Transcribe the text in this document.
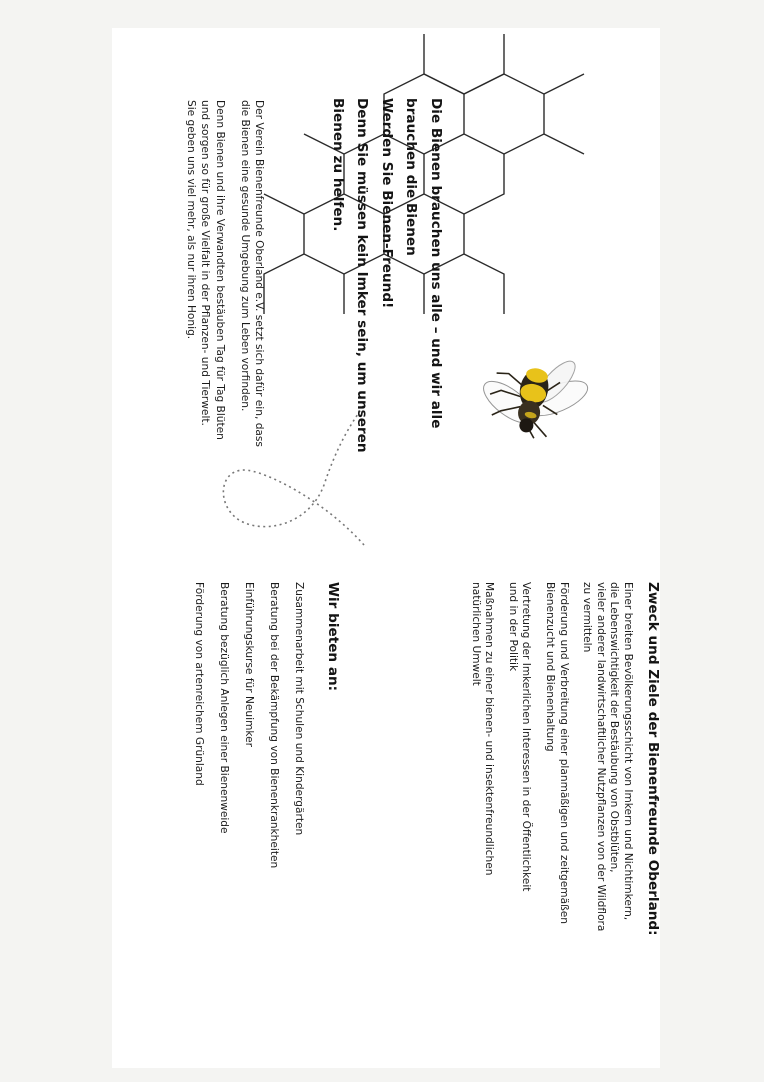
Die Bienen brauchen uns alle – und wir alle
brauchen die Bienen
Werden Sie Bienen-Freund!
Denn Sie müssen kein Imker sein, um unseren
Bienen zu helfen.

Der Verein Bienenfreunde Oberland e.V. setzt sich dafür ein, dass
die Bienen eine gesunde Umgebung zum Leben vorfinden.

Denn Bienen und ihre Verwandten bestäuben Tag für Tag Blüten
und sorgen so für große Vielfalt in der Pflanzen- und Tierwelt.
Sie geben uns viel mehr, als nur ihren Honig.

Zweck und Ziele der Bienenfreunde Oberland:

Einer breiten Bevölkerungsschicht von Imkern und Nichtimkern,
die Lebenswichtigkeit der Bestäubung von Obstblüten,
vieler anderer landwirtschaftlicher Nutzpflanzen von der Wildflora
zu vermitteln

Förderung und Verbreitung einer planmäßigen und zeitgemäßen
Bienenzucht und Bienenhaltung

Vertretung der Imkerlichen Interessen in der Öffentlichkeit
und in der Politik

Maßnahmen zu einer bienen- und insektenfreundlichen
natürlichen Umwelt

Wir bieten an:
Zusammenarbeit mit Schulen und Kindergärten
Beratung bei der Bekämpfung von Bienenkrankheiten
Einführungskurse für Neuimker
Beratung bezüglich Anlegen einer Bienenweide
Förderung von artenreichem Grünland
